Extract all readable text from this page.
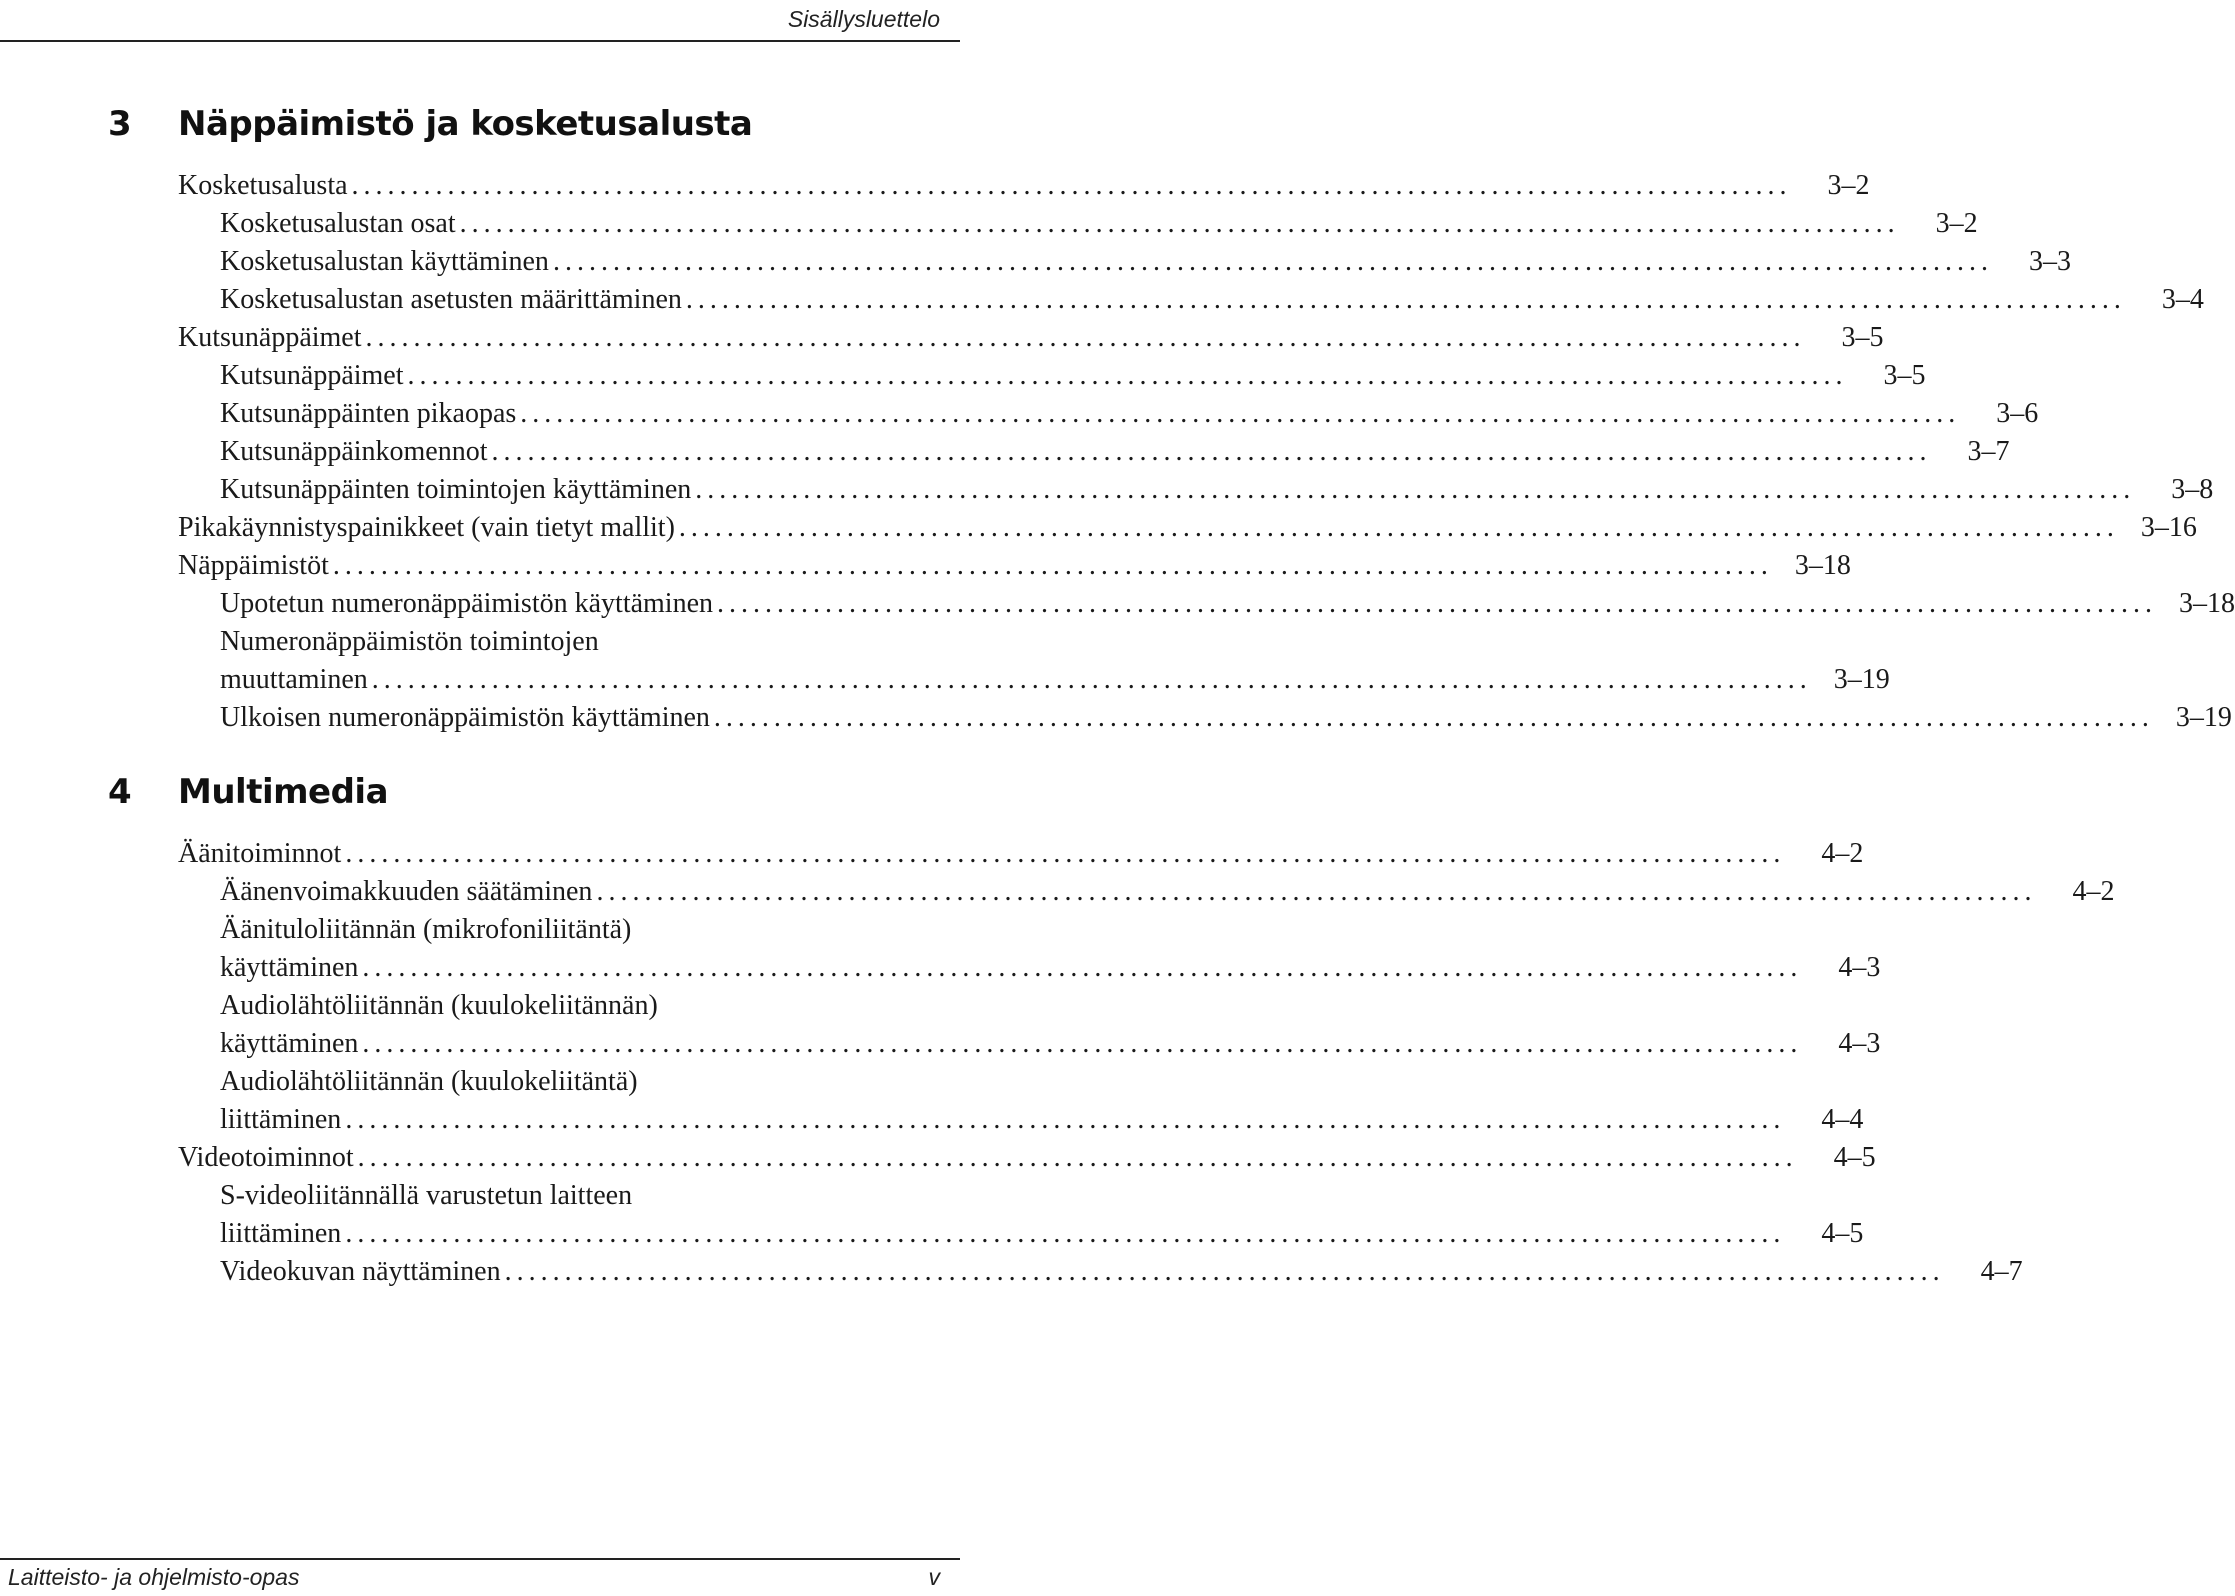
Sisällysluettelo
3 Näppäimistö ja kosketusalusta
Kosketusalusta ........................................................................................................................	3–2
Kosketusalustan osat ........................................................................................................................	3–2
Kosketusalustan käyttäminen ........................................................................................................................	3–3
Kosketusalustan asetusten määrittäminen ........................................................................................................................	3–4
Kutsunäppäimet ........................................................................................................................	3–5
Kutsunäppäimet ........................................................................................................................	3–5
Kutsunäppäinten pikaopas ........................................................................................................................	3–6
Kutsunäppäinkomennot ........................................................................................................................	3–7
Kutsunäppäinten toimintojen käyttäminen ........................................................................................................................	3–8
Pikakäynnistyspainikkeet (vain tietyt mallit) ........................................................................................................................ 3–16
Näppäimistöt ........................................................................................................................ 3–18
Upotetun numeronäppäimistön käyttäminen ........................................................................................................................ 3–18
Numeronäppäimistön toimintojen
muuttaminen ........................................................................................................................ 3–19
Ulkoisen numeronäppäimistön käyttäminen ........................................................................................................................ 3–19
4 Multimedia
Äänitoiminnot ........................................................................................................................	4–2
Äänenvoimakkuuden säätäminen ........................................................................................................................	4–2
Äänituloliitännän (mikrofoniliitäntä)
käyttäminen ........................................................................................................................	4–3
Audiolähtöliitännän (kuulokeliitännän)
käyttäminen ........................................................................................................................	4–3
Audiolähtöliitännän (kuulokeliitäntä)
liittäminen ........................................................................................................................	4–4
Videotoiminnot ........................................................................................................................	4–5
S-videoliitännällä varustetun laitteen
liittäminen ........................................................................................................................	4–5
Videokuvan näyttäminen ........................................................................................................................	4–7
Laitteisto- ja ohjelmisto-opas	v
